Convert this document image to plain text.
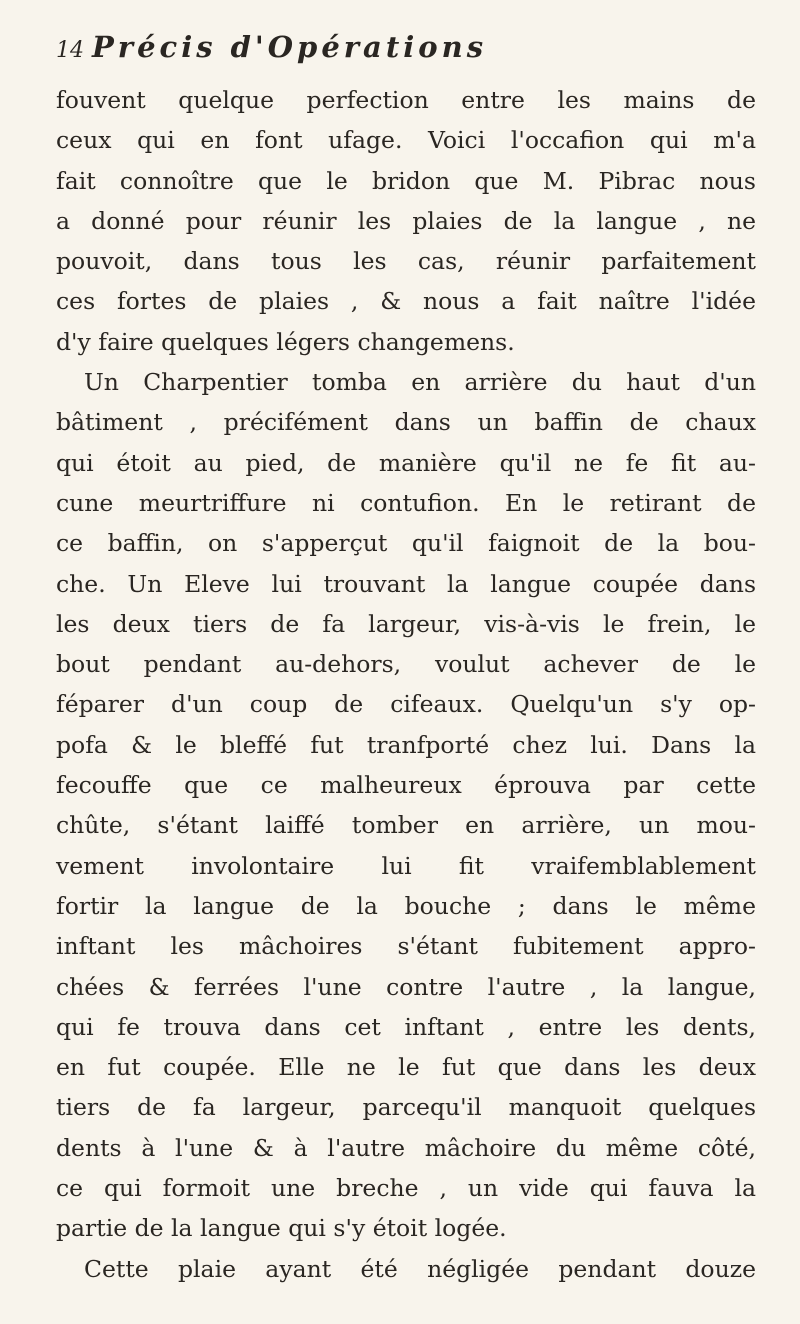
14 Précis d'Opérations
fouvent quelque perfection entre les mains de
ceux qui en font ufage. Voici l'occafion qui m'a
fait connoître que le bridon que M. Pibrac nous
a donné pour réunir les plaies de la langue , ne
pouvoit, dans tous les cas, réunir parfaitement
ces fortes de plaies , & nous a fait naître l'idée
d'y faire quelques légers changemens.
Un Charpentier tomba en arrière du haut d'un
bâtiment , précifément dans un baffin de chaux
qui étoit au pied, de manière qu'il ne fe fit au-
cune meurtriffure ni contufion. En le retirant de
ce baffin, on s'apperçut qu'il faignoit de la bou-
che. Un Eleve lui trouvant la langue coupée dans
les deux tiers de fa largeur, vis-à-vis le frein, le
bout pendant au-dehors, voulut achever de le
féparer d'un coup de cifeaux. Quelqu'un s'y op-
pofa & le bleffé fut tranfporté chez lui. Dans la
fecouffe que ce malheureux éprouva par cette
chûte, s'étant laiffé tomber en arrière, un mou-
vement involontaire lui fit vraifemblablement
fortir la langue de la bouche ; dans le même
inftant les mâchoires s'étant fubitement appro-
chées & ferrées l'une contre l'autre , la langue,
qui fe trouva dans cet inftant , entre les dents,
en fut coupée. Elle ne le fut que dans les deux
tiers de fa largeur, parcequ'il manquoit quelques
dents à l'une & à l'autre mâchoire du même côté,
ce qui formoit une breche , un vide qui fauva la
partie de la langue qui s'y étoit logée.
Cette plaie ayant été négligée pendant douze
